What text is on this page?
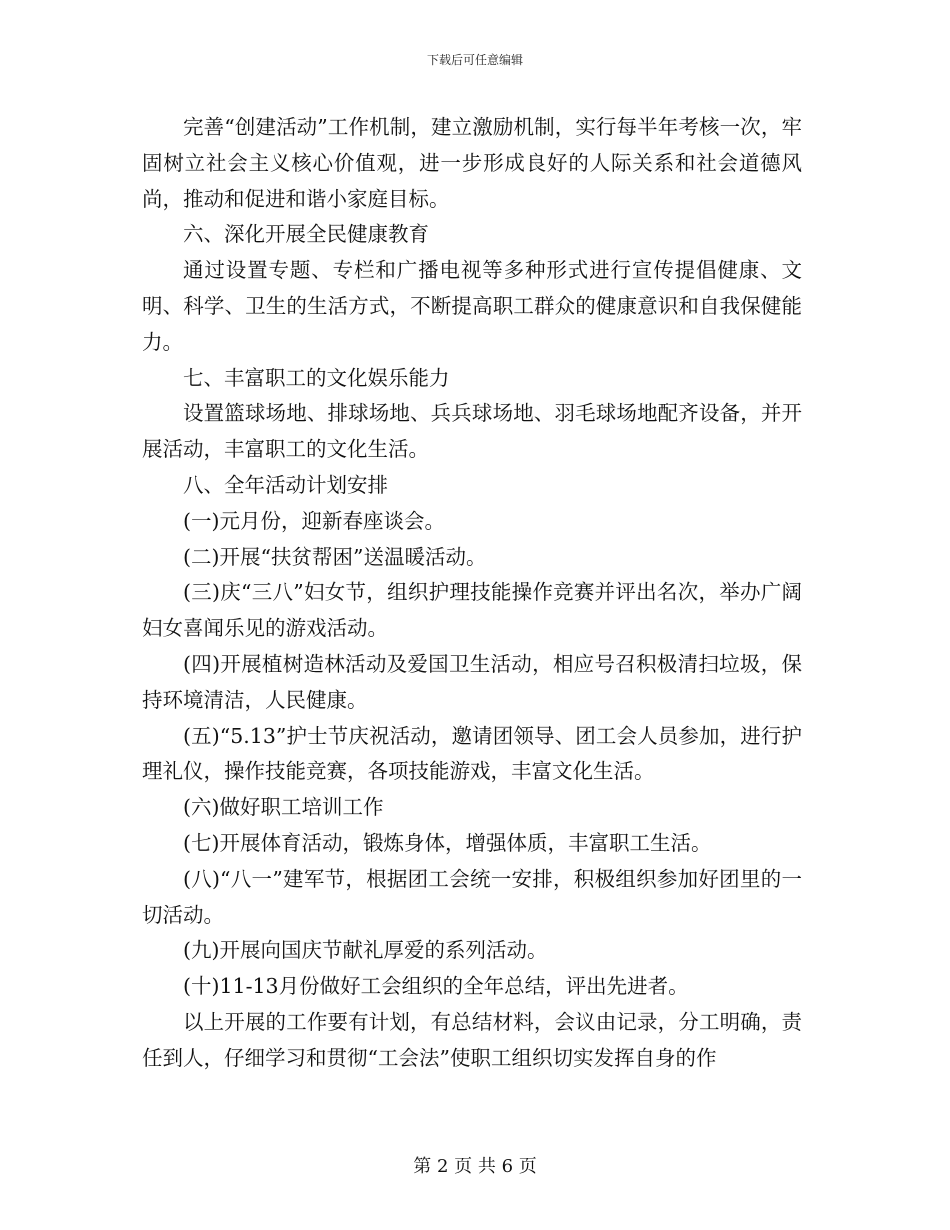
下载后可任意编辑

完善“创建活动”工作机制，建立激励机制，实行每半年考核一次，牢固树立社会主义核心价值观，进一步形成良好的人际关系和社会道德风尚，推动和促进和谐小家庭目标。

六、深化开展全民健康教育

通过设置专题、专栏和广播电视等多种形式进行宣传提倡健康、文明、科学、卫生的生活方式，不断提高职工群众的健康意识和自我保健能力。

七、丰富职工的文化娱乐能力

设置篮球场地、排球场地、兵兵球场地、羽毛球场地配齐设备，并开展活动，丰富职工的文化生活。

八、全年活动计划安排

(一)元月份，迎新春座谈会。

(二)开展“扶贫帮困”送温暖活动。

(三)庆“三八”妇女节，组织护理技能操作竞赛并评出名次，举办广阔妇女喜闻乐见的游戏活动。

(四)开展植树造林活动及爱国卫生活动，相应号召积极清扫垃圾，保持环境清洁，人民健康。

(五)“5.13”护士节庆祝活动，邀请团领导、团工会人员参加，进行护理礼仪，操作技能竞赛，各项技能游戏，丰富文化生活。

(六)做好职工培训工作

(七)开展体育活动，锻炼身体，增强体质，丰富职工生活。

(八)“八一”建军节，根据团工会统一安排，积极组织参加好团里的一切活动。

(九)开展向国庆节献礼厚爱的系列活动。

(十)11-13月份做好工会组织的全年总结，评出先进者。

以上开展的工作要有计划，有总结材料，会议由记录，分工明确，责任到人，仔细学习和贯彻“工会法”使职工组织切实发挥自身的作

第 2 页 共 6 页
